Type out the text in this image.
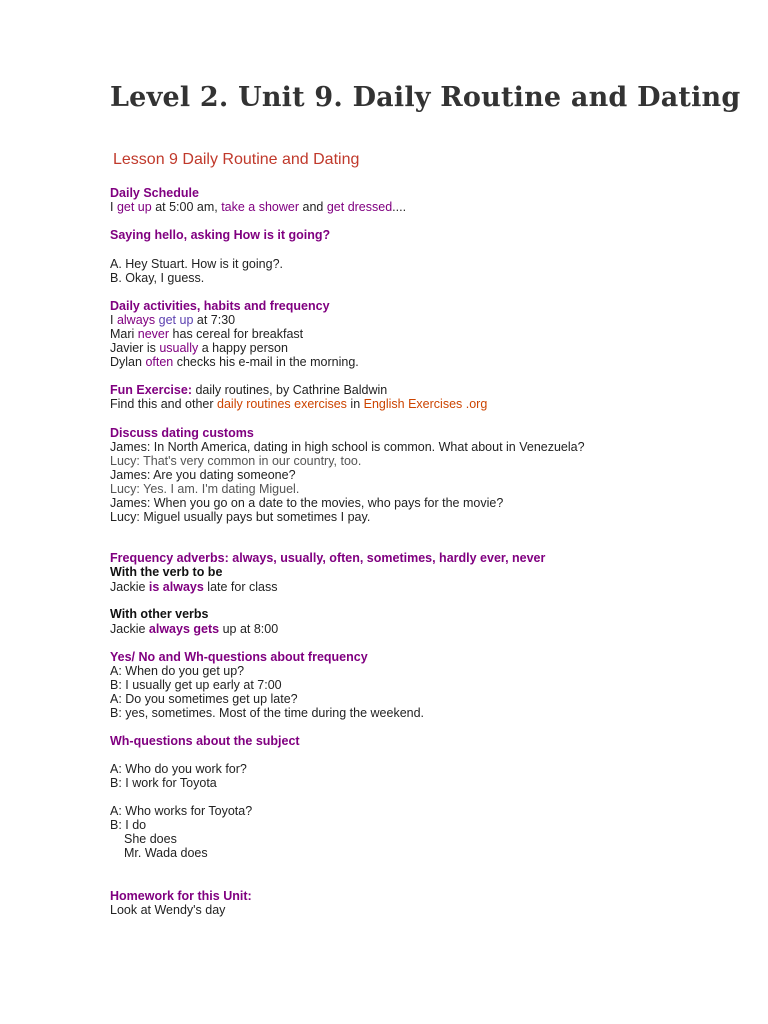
Level 2. Unit 9. Daily Routine and Dating
Lesson 9 Daily Routine and Dating
Daily Schedule
I get up at 5:00 am, take a shower and get dressed....
Saying hello, asking How is it going?
A. Hey Stuart. How is it going?.
B. Okay, I guess.
Daily activities, habits and frequency
I always get up at 7:30
Mari never has cereal for breakfast
Javier is usually a happy person
Dylan often checks his e-mail in the morning.
Fun Exercise: daily routines, by Cathrine Baldwin
Find this and other daily routines exercises in English Exercises .org
Discuss dating customs
James: In North America, dating in high school is common. What about in Venezuela?
Lucy: That's very common in our country, too.
James: Are you dating someone?
Lucy: Yes. I am. I'm dating Miguel.
James: When you go on a date to the movies, who pays for the movie?
Lucy: Miguel usually pays but sometimes I pay.
Frequency adverbs: always, usually, often, sometimes, hardly ever, never
With the verb to be
Jackie is always late for class
With other verbs
Jackie always gets up at 8:00
Yes/ No and Wh-questions about frequency
A: When do you get up?
B: I usually get up early at 7:00
A: Do you sometimes get up late?
B: yes, sometimes. Most of the time during the weekend.
Wh-questions about the subject
A: Who do you work for?
B: I work for Toyota
A: Who works for Toyota?
B: I do
She does
Mr. Wada does
Homework for this Unit:
Look at Wendy's day
